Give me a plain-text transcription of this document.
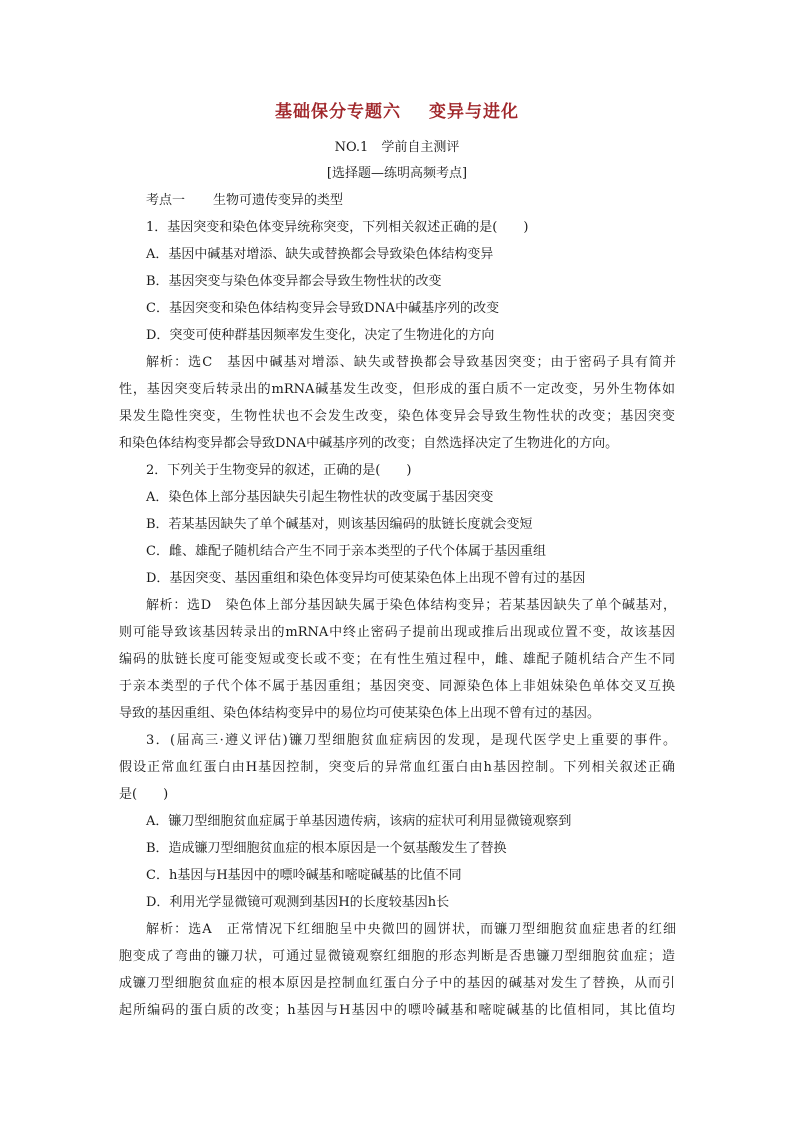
基础保分专题六 变异与进化
NO.1　学前自主测评
[选择题—练明高频考点]
考点一 生物可遗传变异的类型
1．基因突变和染色体变异统称突变，下列相关叙述正确的是(　　)
A．基因中碱基对增添、缺失或替换都会导致染色体结构变异
B．基因突变与染色体变异都会导致生物性状的改变
C．基因突变和染色体结构变异会导致DNA中碱基序列的改变
D．突变可使种群基因频率发生变化，决定了生物进化的方向
解析：选C　基因中碱基对增添、缺失或替换都会导致基因突变；由于密码子具有简并
性，基因突变后转录出的mRNA碱基发生改变，但形成的蛋白质不一定改变，另外生物体如
果发生隐性突变，生物性状也不会发生改变，染色体变异会导致生物性状的改变；基因突变
和染色体结构变异都会导致DNA中碱基序列的改变；自然选择决定了生物进化的方向。
2．下列关于生物变异的叙述，正确的是(　　)
A．染色体上部分基因缺失引起生物性状的改变属于基因突变
B．若某基因缺失了单个碱基对，则该基因编码的肽链长度就会变短
C．雌、雄配子随机结合产生不同于亲本类型的子代个体属于基因重组
D．基因突变、基因重组和染色体变异均可使某染色体上出现不曾有过的基因
解析：选D　染色体上部分基因缺失属于染色体结构变异；若某基因缺失了单个碱基对，
则可能导致该基因转录出的mRNA中终止密码子提前出现或推后出现或位置不变，故该基因
编码的肽链长度可能变短或变长或不变；在有性生殖过程中，雌、雄配子随机结合产生不同
于亲本类型的子代个体不属于基因重组；基因突变、同源染色体上非姐妹染色单体交叉互换
导致的基因重组、染色体结构变异中的易位均可使某染色体上出现不曾有过的基因。
3．(届高三·遵义评估)镰刀型细胞贫血症病因的发现，是现代医学史上重要的事件。
假设正常血红蛋白由H基因控制，突变后的异常血红蛋白由h基因控制。下列相关叙述正确
是(　　)
A．镰刀型细胞贫血症属于单基因遗传病，该病的症状可利用显微镜观察到
B．造成镰刀型细胞贫血症的根本原因是一个氨基酸发生了替换
C．h基因与H基因中的嘌呤碱基和嘧啶碱基的比值不同
D．利用光学显微镜可观测到基因H的长度较基因h长
解析：选A　正常情况下红细胞呈中央微凹的圆饼状，而镰刀型细胞贫血症患者的红细
胞变成了弯曲的镰刀状，可通过显微镜观察红细胞的形态判断是否患镰刀型细胞贫血症；造
成镰刀型细胞贫血症的根本原因是控制血红蛋白分子中的基因的碱基对发生了替换，从而引
起所编码的蛋白质的改变；h基因与H基因中的嘌呤碱基和嘧啶碱基的比值相同，其比值均
